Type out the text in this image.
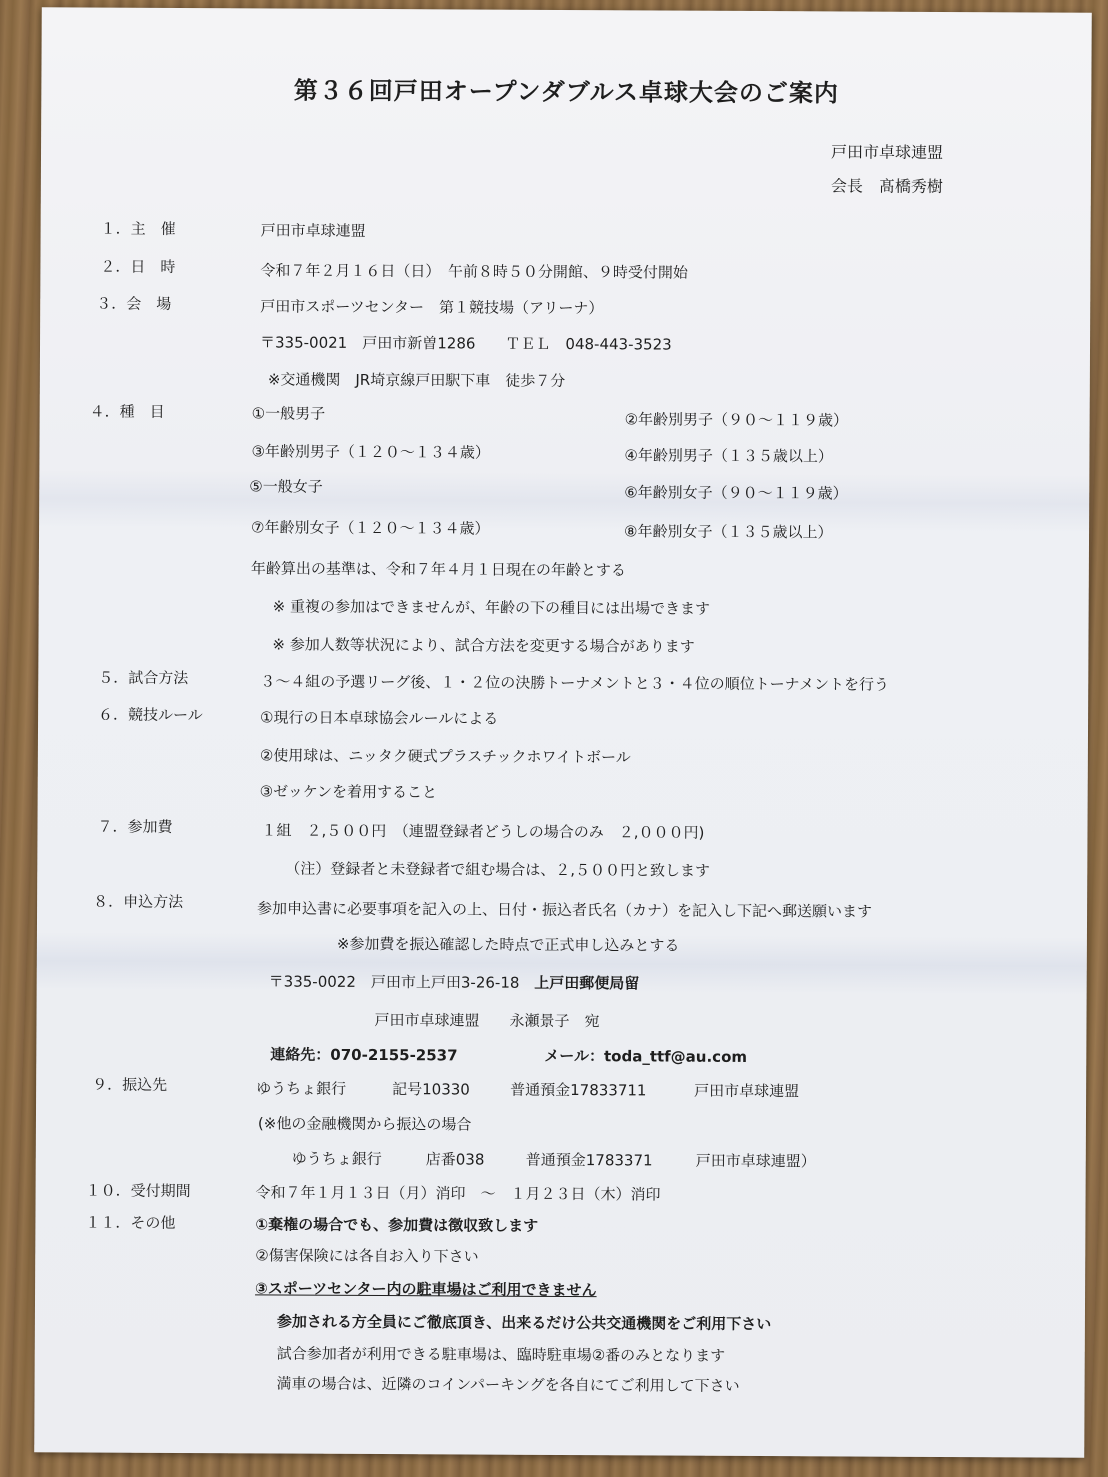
第３６回戸田オープンダブルス卓球大会のご案内
戸田市卓球連盟
会長　髙橋秀樹
１．主　催	戸田市卓球連盟
２．日　時	令和７年２月１６日（日）　午前８時５０分開館、９時受付開始
３．会　場	戸田市スポーツセンター　第１競技場（アリーナ）
〒335-0021　戸田市新曽1286　　ＴＥＬ　048-443-3523
※交通機関　JR埼京線戸田駅下車　徒歩７分
４．種　目	①一般男子	②年齢別男子（９０～１１９歳）
③年齢別男子（１２０～１３４歳）	④年齢別男子（１３５歳以上）
⑤一般女子	⑥年齢別女子（９０～１１９歳）
⑦年齢別女子（１２０～１３４歳）	⑧年齢別女子（１３５歳以上）
年齢算出の基準は、令和７年４月１日現在の年齢とする
※ 重複の参加はできませんが、年齢の下の種目には出場できます
※ 参加人数等状況により、試合方法を変更する場合があります
５．試合方法	３～４組の予選リーグ後、１・２位の決勝トーナメントと３・４位の順位トーナメントを行う
６．競技ルール	①現行の日本卓球協会ルールによる
②使用球は、ニッタク硬式プラスチックホワイトボール
③ゼッケンを着用すること
７．参加費	１組　２,５００円　（連盟登録者どうしの場合のみ　２,０００円)
（注）登録者と未登録者で組む場合は、２,５００円と致します
８．申込方法	参加申込書に必要事項を記入の上、日付・振込者氏名（カナ）を記入し下記へ郵送願います
※参加費を振込確認した時点で正式申し込みとする
〒335-0022　戸田市上戸田3-26-18 上戸田郵便局留
戸田市卓球連盟　　永瀬景子　宛
連絡先：070-2155-2537	メール：toda_ttf@au.com
９．振込先	ゆうちょ銀行	記号10330	普通預金17833711	戸田市卓球連盟
(※他の金融機関から振込の場合
ゆうちょ銀行	店番038	普通預金1783371	戸田市卓球連盟）
１０．受付期間	令和７年１月１３日（月）消印　～　１月２３日（木）消印
１１．その他	①棄権の場合でも、参加費は徴収致します
②傷害保険には各自お入り下さい
③スポーツセンター内の駐車場はご利用できません
参加される方全員にご徹底頂き、出来るだけ公共交通機関をご利用下さい
試合参加者が利用できる駐車場は、臨時駐車場②番のみとなります
満車の場合は、近隣のコインパーキングを各自にてご利用して下さい
